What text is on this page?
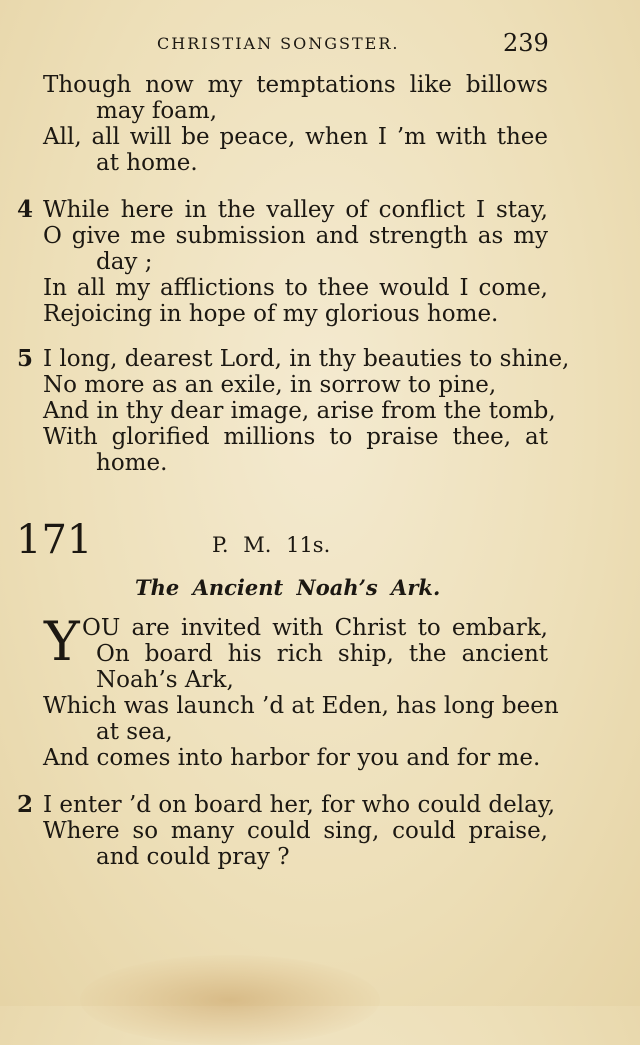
CHRISTIAN SONGSTER.	239
Though now my temptations like billows
may foam,
All, all will be peace, when I ’m with thee
at home.
4 While here in the valley of conflict I stay,
O give me submission and strength as my
day ;
In all my afflictions to thee would I come,
Rejoicing in hope of my glorious home.
5 I long, dearest Lord, in thy beauties to shine,
No more as an exile, in sorrow to pine,
And in thy dear image, arise from the tomb,
With glorified millions to praise thee, at
home.
171	P. M. 11s.
The Ancient Noah’s Ark.
Y OU are invited with Christ to embark,
On board his rich ship, the ancient
Noah’s Ark,
Which was launch ’d at Eden, has long been
at sea,
And comes into harbor for you and for me.
2 I enter ’d on board her, for who could delay,
Where so many could sing, could praise,
and could pray ?
